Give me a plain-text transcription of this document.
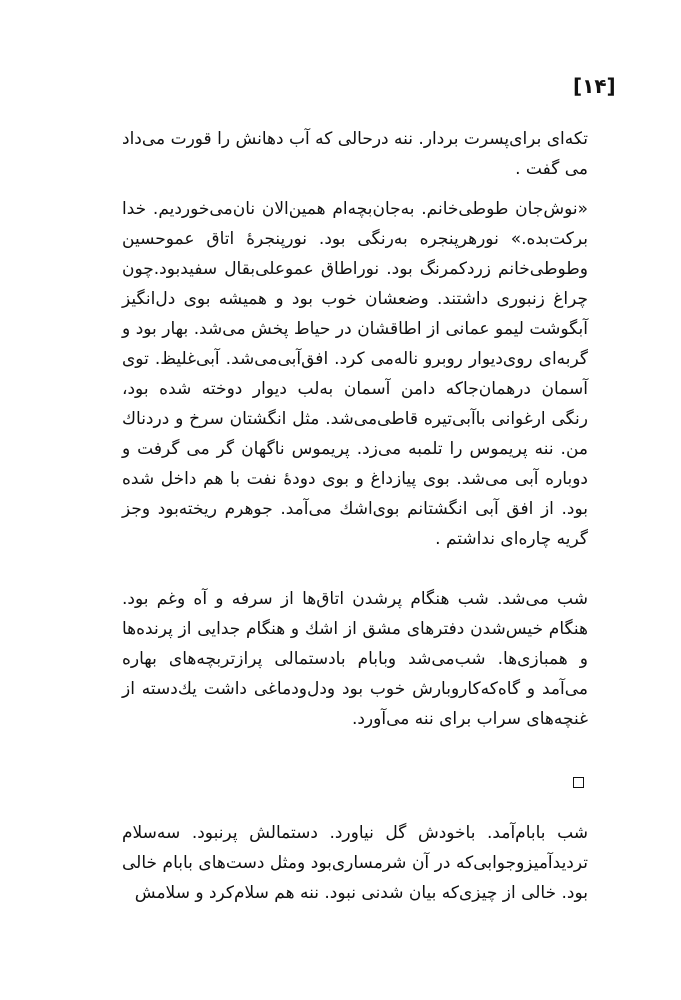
[۱۴]

تکه‌ای برای‌پسرت بردار. ننه درحالی که آب دهانش را قورت می‌داد می گفت .

«نوش‌جان طوطی‌خانم. به‌جان‌بچه‌ام همین‌الان نان‌می‌خوردیم. خدا برکت‌بده.» نورهرپنجره به‌رنگی بود. نورپنجرهٔ اتاق عموحسین وطوطی‌خانم زردکمرنگ بود. نوراطاق عموعلی‌بقال سفیدبود.چون چراغ زنبوری داشتند. وضعشان خوب بود و همیشه بوی دل‌انگیز آبگوشت لیمو عمانی از اطاقشان در حیاط پخش می‌شد. بهار بود و گربه‌ای روی‌دیوار روبرو ناله‌می کرد. افق‌آبی‌می‌شد. آبی‌غلیظ. توی آسمان درهمان‌جاکه دامن آسمان به‌لب دیوار دوخته شده بود، رنگی ارغوانی باآبی‌تیره قاطی‌می‌شد. مثل انگشتان سرخ و دردناك من. ننه پریموس را تلمبه می‌زد. پریموس ناگهان گر می گرفت و دوباره آبی می‌شد. بوی پیازداغ و بوی دودهٔ نفت با هم داخل شده بود. از افق آبی انگشتانم بوی‌اشك می‌آمد. جوهرم ریخته‌بود وجز گریه چاره‌ای نداشتم .

شب می‌شد. شب هنگام پرشدن اتاق‌ها از سرفه و آه وغم بود. هنگام خیس‌شدن دفترهای مشق از اشك و هنگام جدایی از پرنده‌ها و همبازی‌ها. شب‌می‌شد وبابام بادستمالی پرازتربچه‌های بهاره می‌آمد و گاه‌که‌کاروبارش خوب بود ودل‌ودماغی داشت یك‌دسته از غنچه‌های سراب برای ننه می‌آورد.

شب بابام‌آمد. باخودش گل نیاورد. دستمالش پرنبود. سه‌سلام تردیدآمیزوجوابی‌که در آن شرمساری‌بود ومثل دست‌های بابام خالی بود. خالی از چیزی‌که بیان شدنی نبود. ننه هم سلام‌کرد و سلامش
